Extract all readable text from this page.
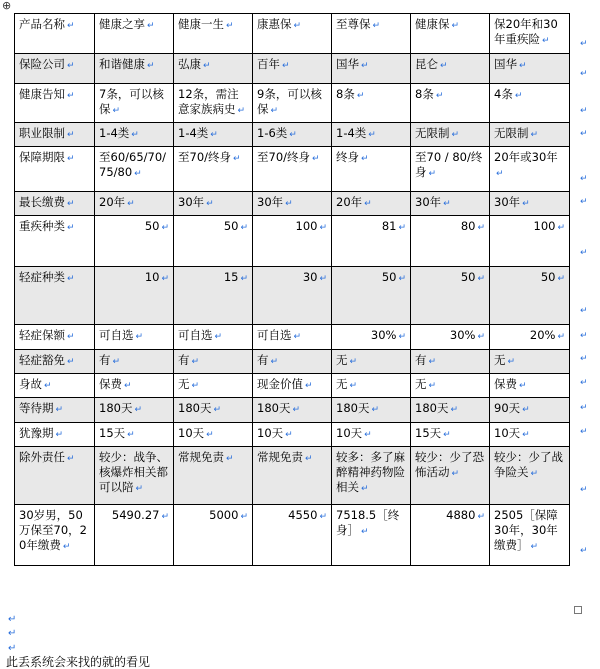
⊕
产品名称 ↵	健康之享 ↵	健康一生 ↵	康惠保 ↵	至尊保 ↵	健康保 ↵	保20年和30年重疾险 ↵
保险公司 ↵	和谐健康 ↵	弘康 ↵	百年 ↵	国华 ↵	昆仑 ↵	国华 ↵
健康告知 ↵	7条，可以核保 ↵	12条，需注意家族病史 ↵	9条，可以核保 ↵	8条 ↵	8条 ↵	4条 ↵
职业限制 ↵	1-4类 ↵	1-4类 ↵	1-6类 ↵	1-4类 ↵	无限制 ↵	无限制 ↵
保障期限 ↵	至60/65/70/75/80 ↵	至70/终身 ↵	至70/终身 ↵	终身 ↵	至70 / 80/终身 ↵	20年或30年↵
最长缴费 ↵	20年 ↵	30年 ↵	30年 ↵	20年 ↵	30年 ↵	30年 ↵
重疾种类 ↵	50 ↵	50 ↵	100 ↵	81 ↵	80 ↵	100 ↵
轻症种类 ↵	10 ↵	15 ↵	30 ↵	50 ↵	50 ↵	50 ↵
轻症保额 ↵	可自选 ↵	可自选 ↵	可自选 ↵	30% ↵	30% ↵	20% ↵
轻症豁免 ↵	有 ↵	有 ↵	有 ↵	无 ↵	有 ↵	无 ↵
身故 ↵	保费 ↵	无 ↵	现金价值 ↵	无 ↵	无 ↵	保费 ↵
等待期 ↵	180天 ↵	180天 ↵	180天 ↵	180天 ↵	180天 ↵	90天 ↵
犹豫期 ↵	15天 ↵	10天 ↵	10天 ↵	10天 ↵	15天 ↵	10天 ↵
除外责任 ↵	较少：战争、核爆炸相关都可以陪 ↵	常规免责 ↵	常规免责 ↵	较多：多了麻醉精神药物险相关 ↵	较少：少了恐怖活动 ↵	较少：少了战争险关 ↵
30岁男，50万保至70，20年缴费 ↵	5490.27 ↵	5000 ↵	4550 ↵	7518.5［终身］ ↵	4880 ↵	2505［保障30年，30年缴费］ ↵
↵
↵
↵
↵
↵
↵
↵
↵
↵
↵
↵
↵
↵
↵
↵
↵
↵
↵
此丢系统会来找的就的看见
